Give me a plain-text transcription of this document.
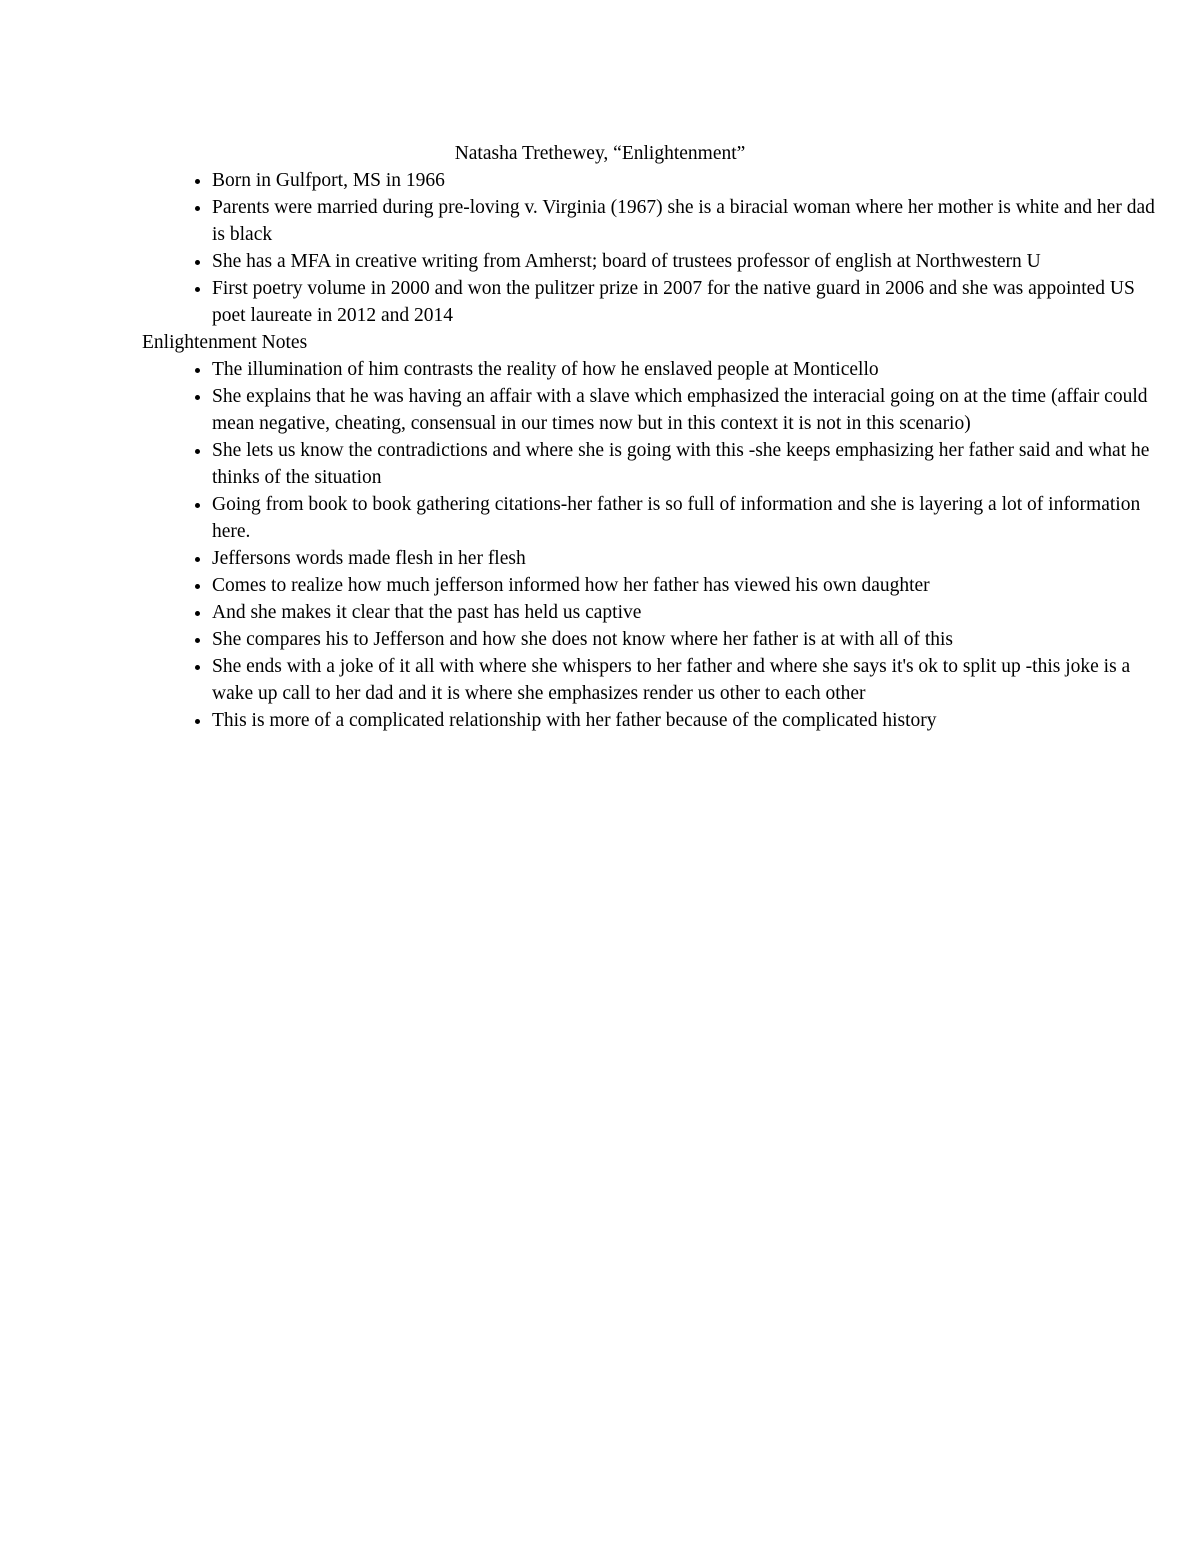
Natasha Trethewey, “Enlightenment”
• Born in Gulfport, MS in 1966
• Parents were married during pre-loving v. Virginia (1967) she is a biracial woman where her mother is white and her dad is black
• She has a MFA in creative writing from Amherst; board of trustees professor of english at Northwestern U
• First poetry volume in 2000 and won the pulitzer prize in 2007 for the native guard in 2006 and she was appointed US poet laureate in 2012 and 2014

Enlightenment Notes

• The illumination of him contrasts the reality of how he enslaved people at Monticello
• She explains that he was having an affair with a slave which emphasized the interacial going on at the time (affair could mean negative, cheating, consensual in our times now but in this context it is not in this scenario)
• She lets us know the contradictions and where she is going with this -she keeps emphasizing her father said and what he thinks of the situation
• Going from book to book gathering citations-her father is so full of information and she is layering a lot of information here.
• Jeffersons words made flesh in her flesh
• Comes to realize how much jefferson informed how her father has viewed his own daughter
• And she makes it clear that the past has held us captive
• She compares his to Jefferson and how she does not know where her father is at with all of this
• She ends with a joke of it all with where she whispers to her father and where she says it's ok to split up -this joke is a wake up call to her dad and it is where she emphasizes render us other to each other
• This is more of a complicated relationship with her father because of the complicated history
